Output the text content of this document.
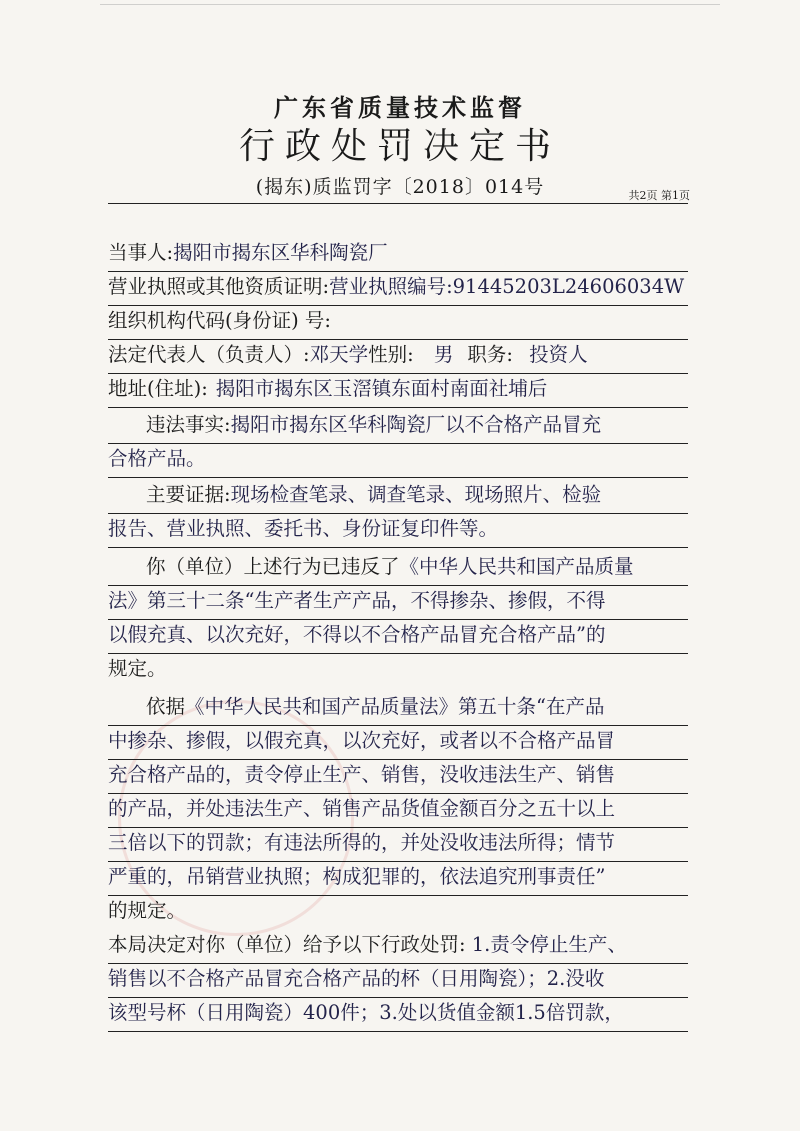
广东省质量技术监督
行政处罚决定书
(揭东)质监罚字〔2018〕014号	共2页 第1页
当事人:揭阳市揭东区华科陶瓷厂
营业执照或其他资质证明:营业执照编号:91445203L24606034W
组织机构代码(身份证) 号:
法定代表人（负责人）:邓天学性别: 男 职务: 投资人
地址(住址): 揭阳市揭东区玉滘镇东面村南面社埔后
违法事实:揭阳市揭东区华科陶瓷厂以不合格产品冒充
合格产品。
主要证据:现场检查笔录、调查笔录、现场照片、检验
报告、营业执照、委托书、身份证复印件等。
你（单位）上述行为已违反了《中华人民共和国产品质量
法》第三十二条“生产者生产产品，不得掺杂、掺假，不得
以假充真、以次充好，不得以不合格产品冒充合格产品”的
规定。
依据《中华人民共和国产品质量法》第五十条“在产品
中掺杂、掺假，以假充真，以次充好，或者以不合格产品冒
充合格产品的，责令停止生产、销售，没收违法生产、销售
的产品，并处违法生产、销售产品货值金额百分之五十以上
三倍以下的罚款；有违法所得的，并处没收违法所得；情节
严重的，吊销营业执照；构成犯罪的，依法追究刑事责任”
的规定。
本局决定对你（单位）给予以下行政处罚: 1.责令停止生产、
销售以不合格产品冒充合格产品的杯（日用陶瓷）；2.没收
该型号杯（日用陶瓷）400件；3.处以货值金额1.5倍罚款，
